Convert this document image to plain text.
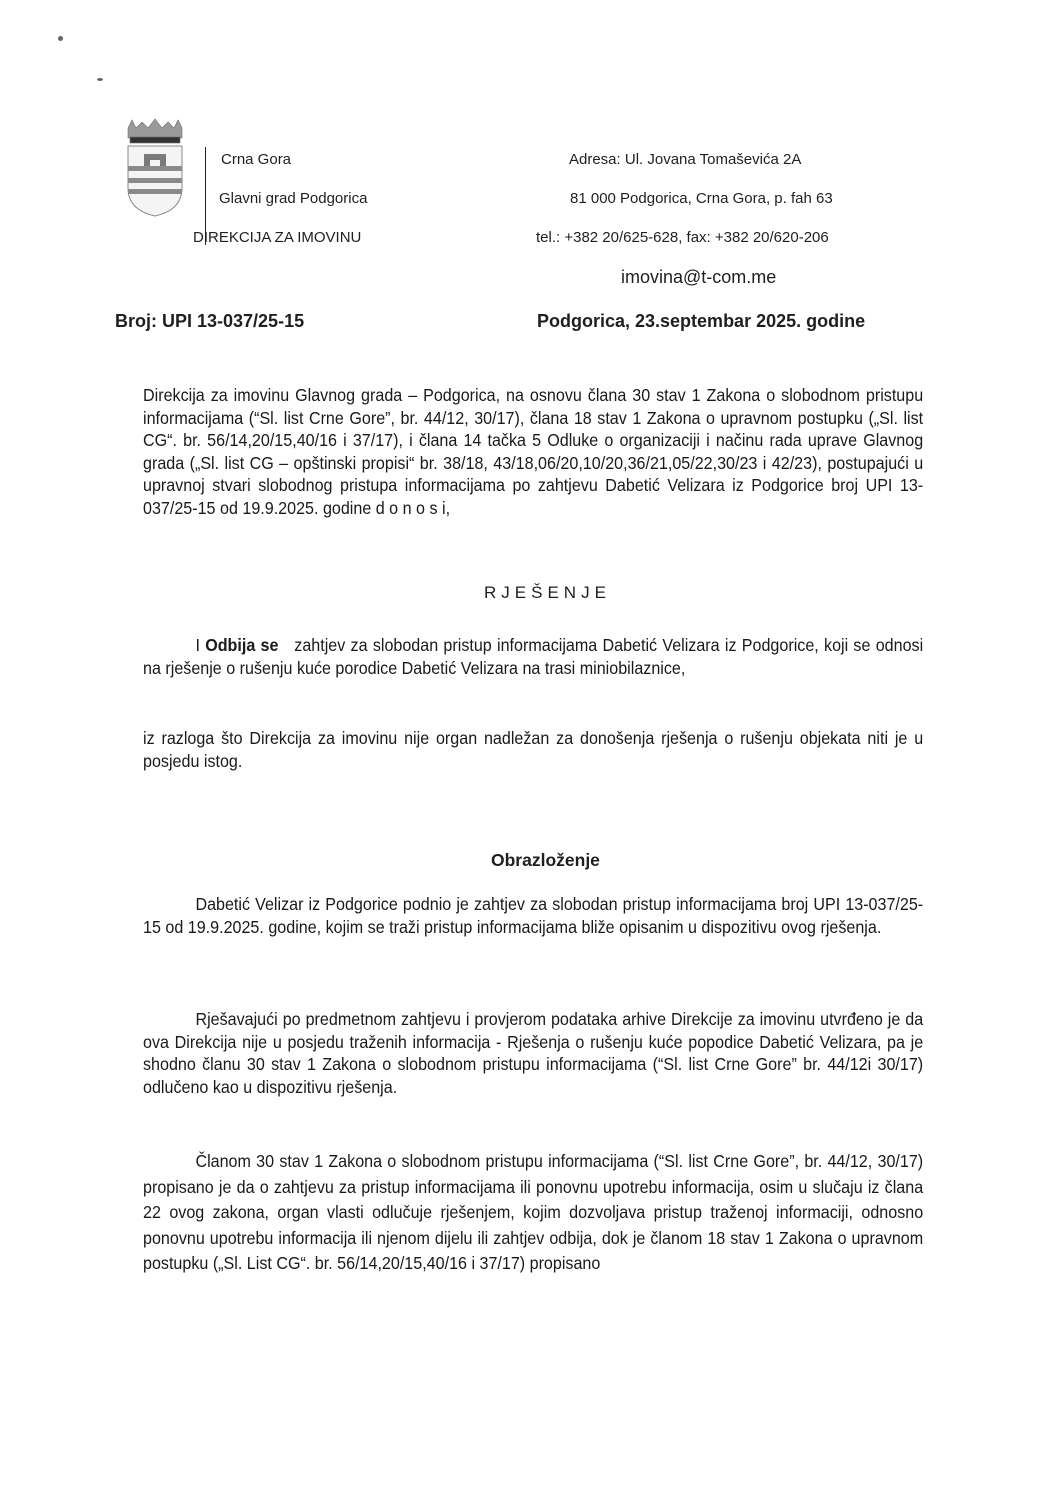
Crna Gora
Glavni grad Podgorica
DIREKCIJA ZA IMOVINU
Adresa: Ul. Jovana Tomaševića 2A
81 000 Podgorica, Crna Gora, p. fah 63
tel.: +382 20/625-628, fax: +382 20/620-206
imovina@t-com.me
Broj: UPI 13-037/25-15	Podgorica, 23.septembar 2025. godine

Direkcija za imovinu Glavnog grada – Podgorica, na osnovu člana 30 stav 1 Zakona o slobodnom pristupu informacijama (“Sl. list Crne Gore”, br. 44/12, 30/17), člana 18 stav 1 Zakona o upravnom postupku („Sl. list CG“. br. 56/14,20/15,40/16 i 37/17), i člana 14 tačka 5 Odluke o organizaciji i načinu rada uprave Glavnog grada („Sl. list CG – opštinski propisi“ br. 38/18, 43/18,06/20,10/20,36/21,05/22,30/23 i 42/23), postupajući u upravnoj stvari slobodnog pristupa informacijama po zahtjevu Dabetić Velizara iz Podgorice broj UPI 13-037/25-15 od 19.9.2025. godine d o n o s i,

RJEŠENJE

I Odbija se zahtjev za slobodan pristup informacijama Dabetić Velizara iz Podgorice, koji se odnosi na rješenje o rušenju kuće porodice Dabetić Velizara na trasi miniobilaznice,

iz razloga što Direkcija za imovinu nije organ nadležan za donošenja rješenja o rušenju objekata niti je u posjedu istog.

Obrazloženje

Dabetić Velizar iz Podgorice podnio je zahtjev za slobodan pristup informacijama broj UPI 13-037/25-15 od 19.9.2025. godine, kojim se traži pristup informacijama bliže opisanim u dispozitivu ovog rješenja.

Rješavajući po predmetnom zahtjevu i provjerom podataka arhive Direkcije za imovinu utvrđeno je da ova Direkcija nije u posjedu traženih informacija - Rješenja o rušenju kuće popodice Dabetić Velizara, pa je shodno članu 30 stav 1 Zakona o slobodnom pristupu informacijama (“Sl. list Crne Gore” br. 44/12i 30/17) odlučeno kao u dispozitivu rješenja.

Članom 30 stav 1 Zakona o slobodnom pristupu informacijama (“Sl. list Crne Gore”, br. 44/12, 30/17) propisano je da o zahtjevu za pristup informacijama ili ponovnu upotrebu informacija, osim u slučaju iz člana 22 ovog zakona, organ vlasti odlučuje rješenjem, kojim dozvoljava pristup traženoj informaciji, odnosno ponovnu upotrebu informacija ili njenom dijelu ili zahtjev odbija, dok je članom 18 stav 1 Zakona o upravnom postupku („Sl. List CG“. br. 56/14,20/15,40/16 i 37/17) propisano
